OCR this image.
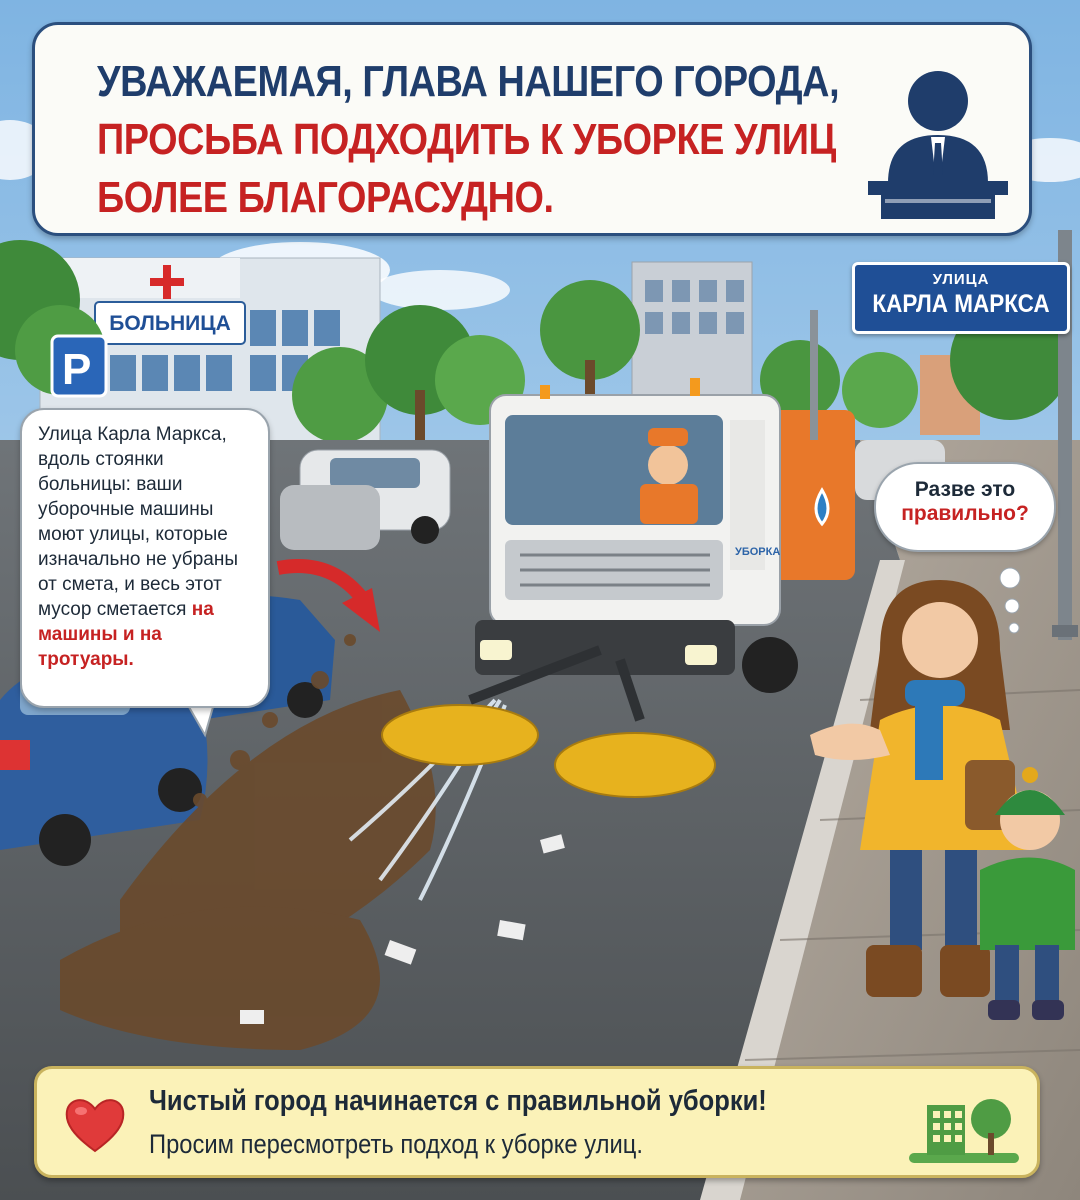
УБОРКА
P
БОЛЬНИЦА
УВАЖАЕМАЯ, ГЛАВА НАШЕГО ГОРОДА,
ПРОСЬБА ПОДХОДИТЬ К УБОРКЕ УЛИЦ
БОЛЕЕ БЛАГОРАСУДНО.
УЛИЦА
КАРЛА МАРКСА

Улица Карла Маркса, вдоль стоянки больницы: ваши уборочные машины моют улицы, которые изначально не убраны от смета, и весь этот мусор сметается на машины и на тротуары.

Разве это
правильно?
Чистый город начинается с правильной уборки!
Просим пересмотреть подход к уборке улиц.
